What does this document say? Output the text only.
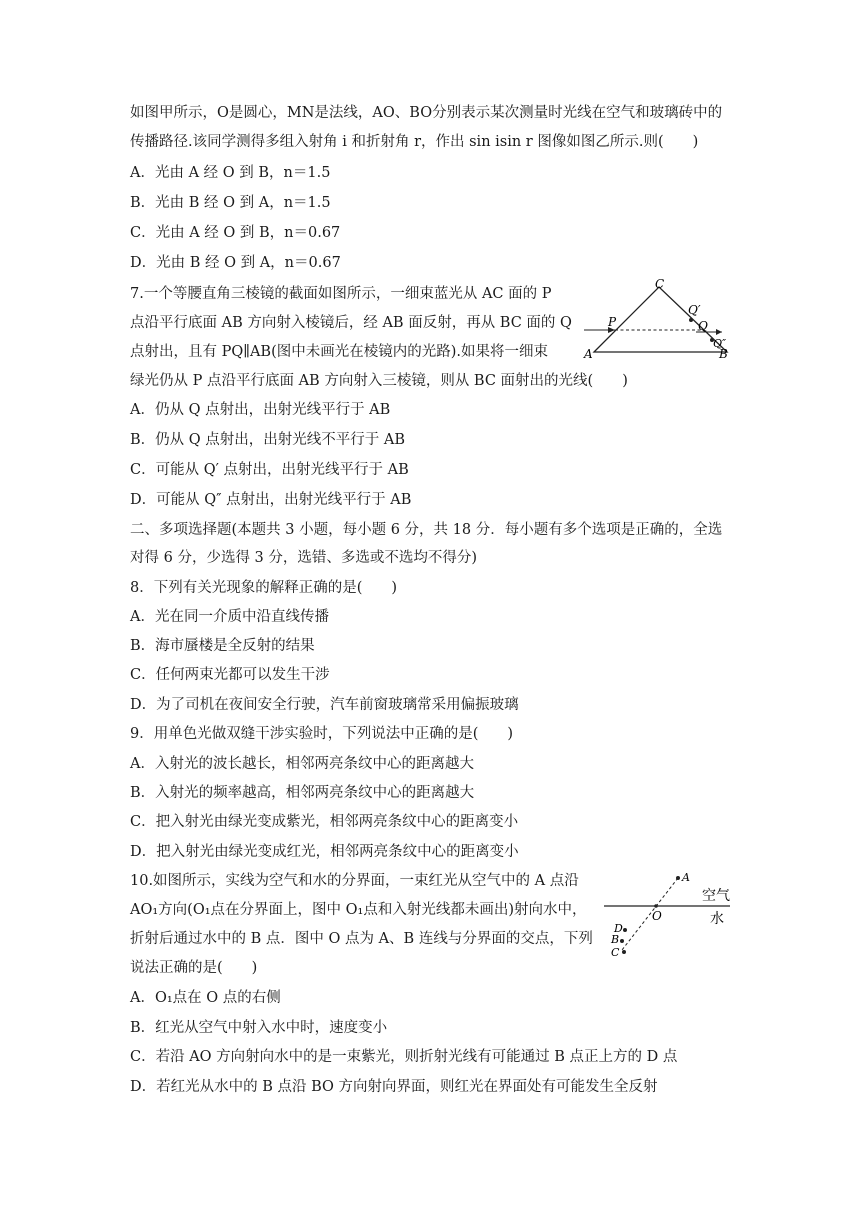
如图甲所示，O是圆心，MN是法线，AO、BO分别表示某次测量时光线在空气和玻璃砖中的
传播路径.该同学测得多组入射角 i 和折射角 r，作出 sin isin r 图像如图乙所示.则(　　)
A．光由 A 经 O 到 B，n＝1.5
B．光由 B 经 O 到 A，n＝1.5
C．光由 A 经 O 到 B，n＝0.67
D．光由 B 经 O 到 A，n＝0.67
7.一个等腰直角三棱镜的截面如图所示，一细束蓝光从 AC 面的 P
点沿平行底面 AB 方向射入棱镜后，经 AB 面反射，再从 BC 面的 Q
点射出，且有 PQ∥AB(图中未画光在棱镜内的光路).如果将一细束
绿光仍从 P 点沿平行底面 AB 方向射入三棱镜，则从 BC 面射出的光线(　　)
A．仍从 Q 点射出，出射光线平行于 AB
B．仍从 Q 点射出，出射光线不平行于 AB
C．可能从 Q′ 点射出，出射光线平行于 AB
D．可能从 Q″ 点射出，出射光线平行于 AB
C
A	B
P	Q
Q′
Q″
二、多项选择题(本题共 3 小题，每小题 6 分，共 18 分．每小题有多个选项是正确的，全选
对得 6 分，少选得 3 分，选错、多选或不选均不得分)
8．下列有关光现象的解释正确的是(　　)
A．光在同一介质中沿直线传播
B．海市蜃楼是全反射的结果
C．任何两束光都可以发生干涉
D．为了司机在夜间安全行驶，汽车前窗玻璃常采用偏振玻璃
9．用单色光做双缝干涉实验时，下列说法中正确的是(　　)
A．入射光的波长越长，相邻两亮条纹中心的距离越大
B．入射光的频率越高，相邻两亮条纹中心的距离越大
C．把入射光由绿光变成紫光，相邻两亮条纹中心的距离变小
D．把入射光由绿光变成红光，相邻两亮条纹中心的距离变小
10.如图所示，实线为空气和水的分界面，一束红光从空气中的 A 点沿
AO₁方向(O₁点在分界面上，图中 O₁点和入射光线都未画出)射向水中，
折射后通过水中的 B 点．图中 O 点为 A、B 连线与分界面的交点，下列
说法正确的是(　　)
A．O₁点在 O 点的右侧
B．红光从空气中射入水中时，速度变小
C．若沿 AO 方向射向水中的是一束紫光，则折射光线有可能通过 B 点正上方的 D 点
D．若红光从水中的 B 点沿 BO 方向射向界面，则红光在界面处有可能发生全反射
A
O
D
B
C
空气
水
